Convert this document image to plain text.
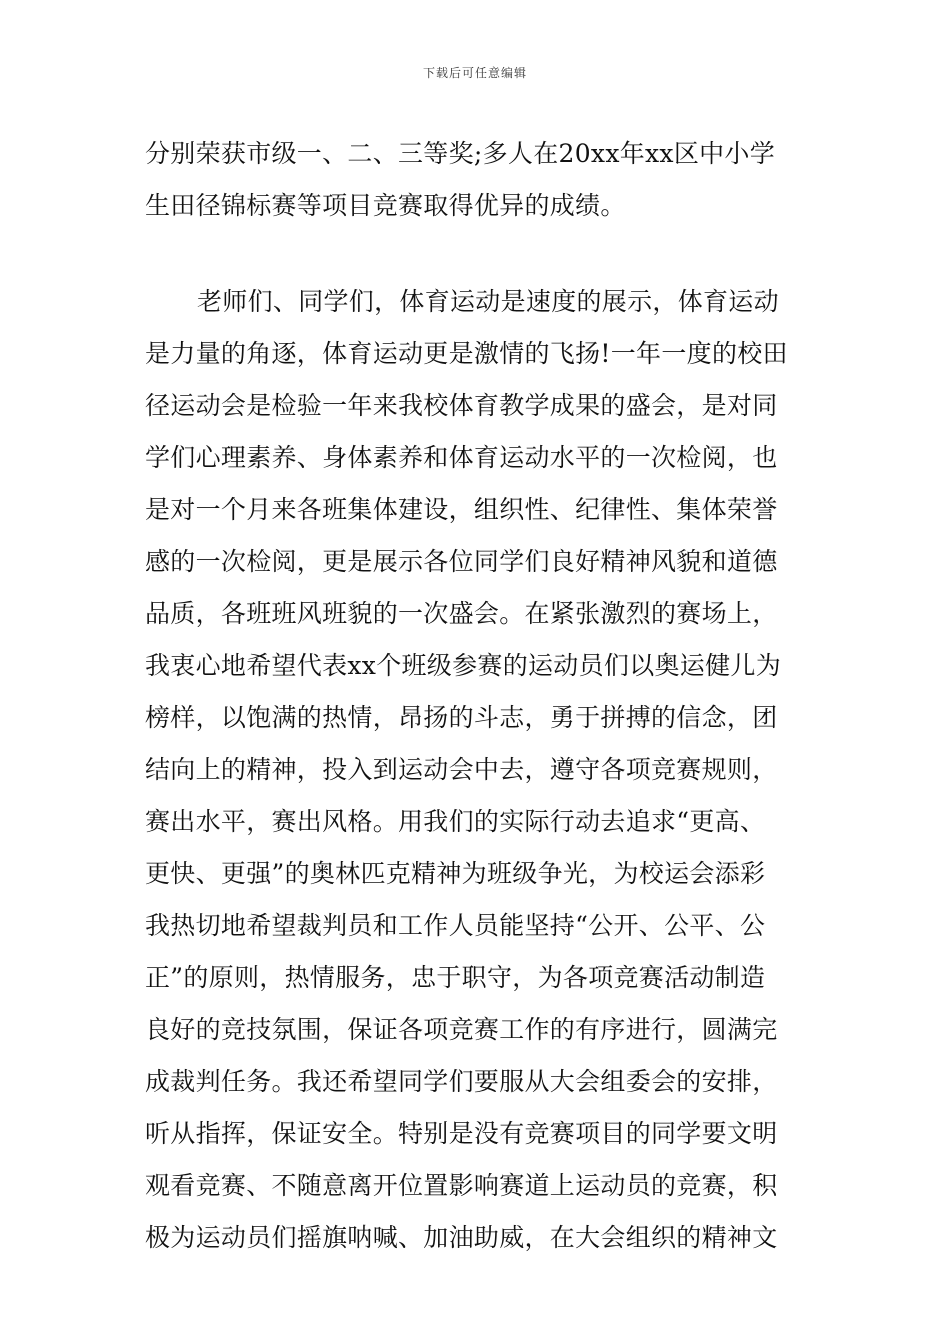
下载后可任意编辑
分别荣获市级一、二、三等奖;多人在20xx年xx区中小学
生田径锦标赛等项目竞赛取得优异的成绩。
老师们、同学们，体育运动是速度的展示，体育运动
是力量的角逐，体育运动更是激情的飞扬!一年一度的校田
径运动会是检验一年来我校体育教学成果的盛会，是对同
学们心理素养、身体素养和体育运动水平的一次检阅，也
是对一个月来各班集体建设，组织性、纪律性、集体荣誉
感的一次检阅，更是展示各位同学们良好精神风貌和道德
品质，各班班风班貌的一次盛会。在紧张激烈的赛场上，
我衷心地希望代表xx个班级参赛的运动员们以奥运健儿为
榜样，以饱满的热情，昂扬的斗志，勇于拼搏的信念，团
结向上的精神，投入到运动会中去，遵守各项竞赛规则，
赛出水平，赛出风格。用我们的实际行动去追求“更高、
更快、更强”的奥林匹克精神为班级争光，为校运会添彩
我热切地希望裁判员和工作人员能坚持“公开、公平、公
正”的原则，热情服务，忠于职守，为各项竞赛活动制造
良好的竞技氛围，保证各项竞赛工作的有序进行，圆满完
成裁判任务。我还希望同学们要服从大会组委会的安排，
听从指挥，保证安全。特别是没有竞赛项目的同学要文明
观看竞赛、不随意离开位置影响赛道上运动员的竞赛，积
极为运动员们摇旗呐喊、加油助威，在大会组织的精神文
